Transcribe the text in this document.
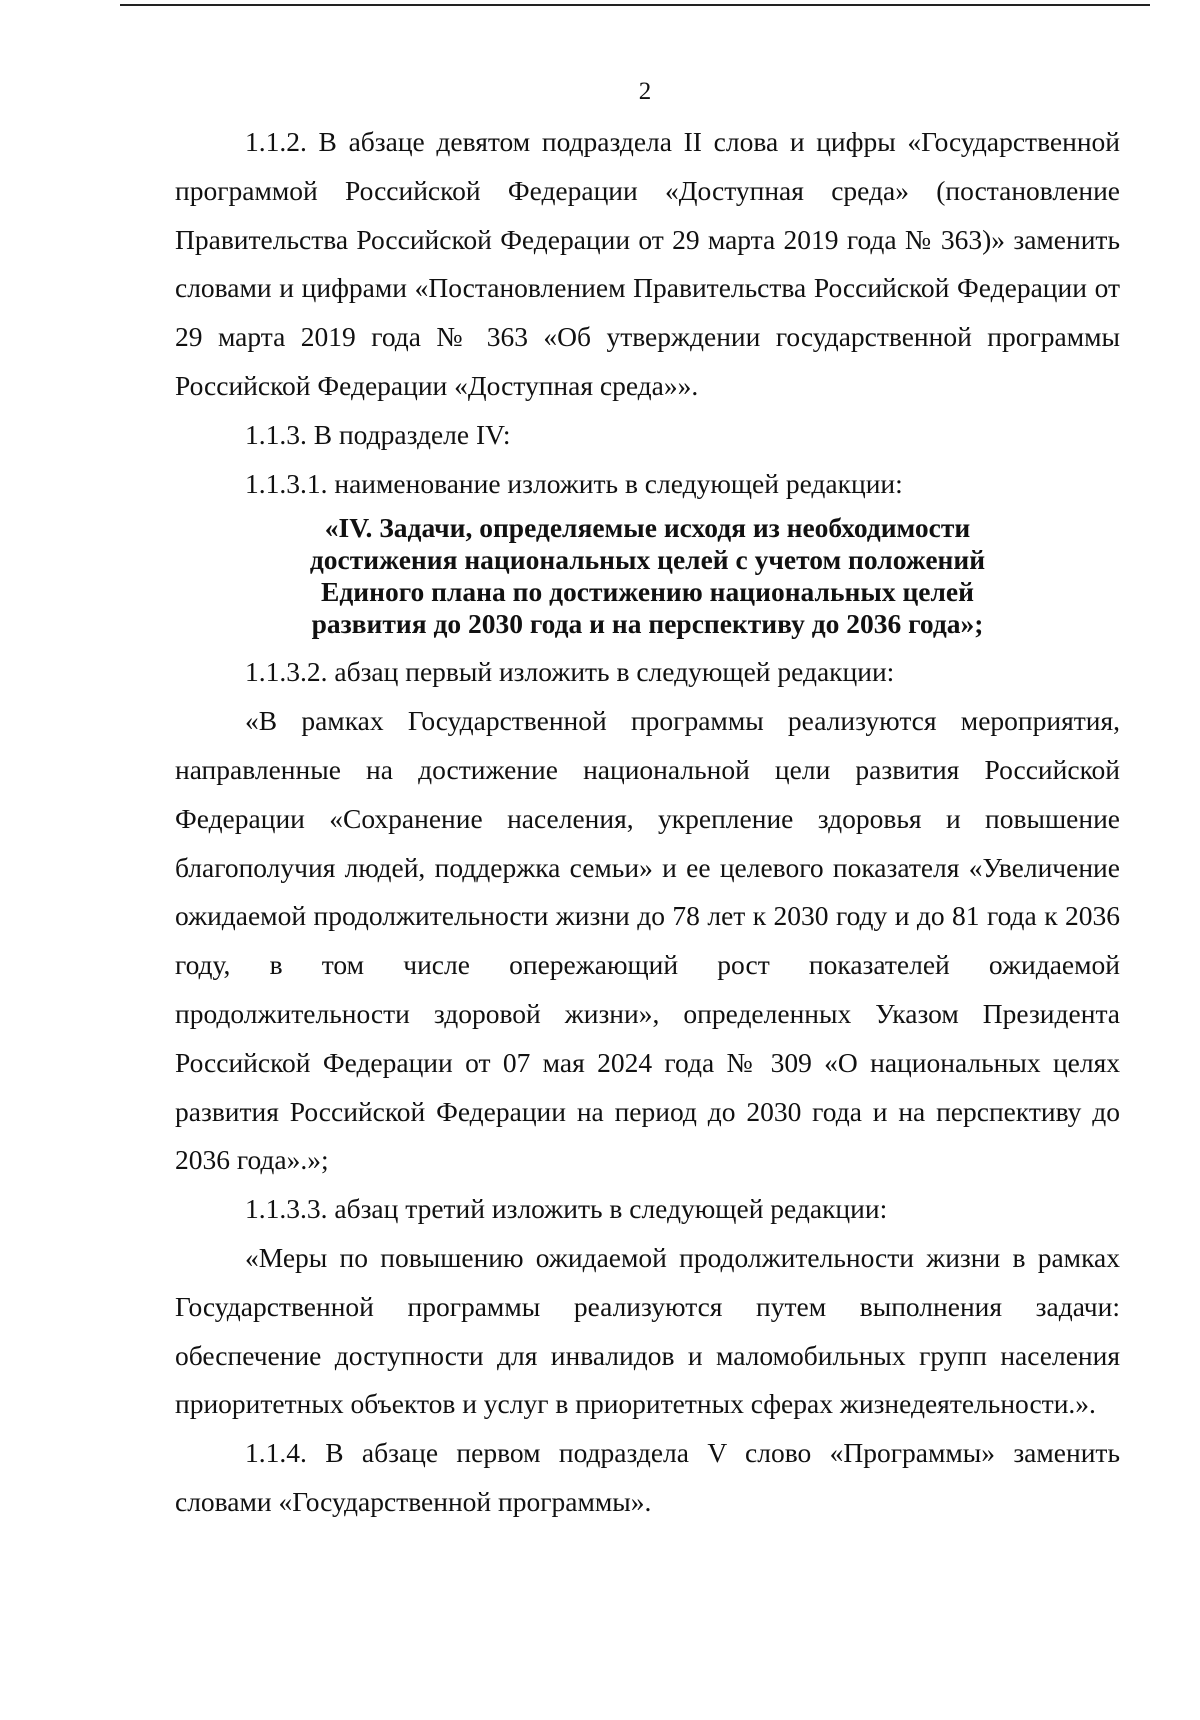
2

1.1.2. В абзаце девятом подраздела II слова и цифры «Государственной программой Российской Федерации «Доступная среда» (постановление Правительства Российской Федерации от 29 марта 2019 года № 363)» заменить словами и цифрами «Постановлением Правительства Российской Федерации от 29 марта 2019 года № 363 «Об утверждении государственной программы Российской Федерации «Доступная среда»».

1.1.3. В подразделе IV:

1.1.3.1. наименование изложить в следующей редакции:

«IV. Задачи, определяемые исходя из необходимости
достижения национальных целей с учетом положений
Единого плана по достижению национальных целей
развития до 2030 года и на перспективу до 2036 года»;

1.1.3.2. абзац первый изложить в следующей редакции:

«В рамках Государственной программы реализуются мероприятия, направленные на достижение национальной цели развития Российской Федерации «Сохранение населения, укрепление здоровья и повышение благополучия людей, поддержка семьи» и ее целевого показателя «Увеличение ожидаемой продолжительности жизни до 78 лет к 2030 году и до 81 года к 2036 году, в том числе опережающий рост показателей ожидаемой продолжительности здоровой жизни», определенных Указом Президента Российской Федерации от 07 мая 2024 года № 309 «О национальных целях развития Российской Федерации на период до 2030 года и на перспективу до 2036 года».»;

1.1.3.3. абзац третий изложить в следующей редакции:

«Меры по повышению ожидаемой продолжительности жизни в рамках Государственной программы реализуются путем выполнения задачи: обеспечение доступности для инвалидов и маломобильных групп населения приоритетных объектов и услуг в приоритетных сферах жизнедеятельности.».

1.1.4. В абзаце первом подраздела V слово «Программы» заменить словами «Государственной программы».
